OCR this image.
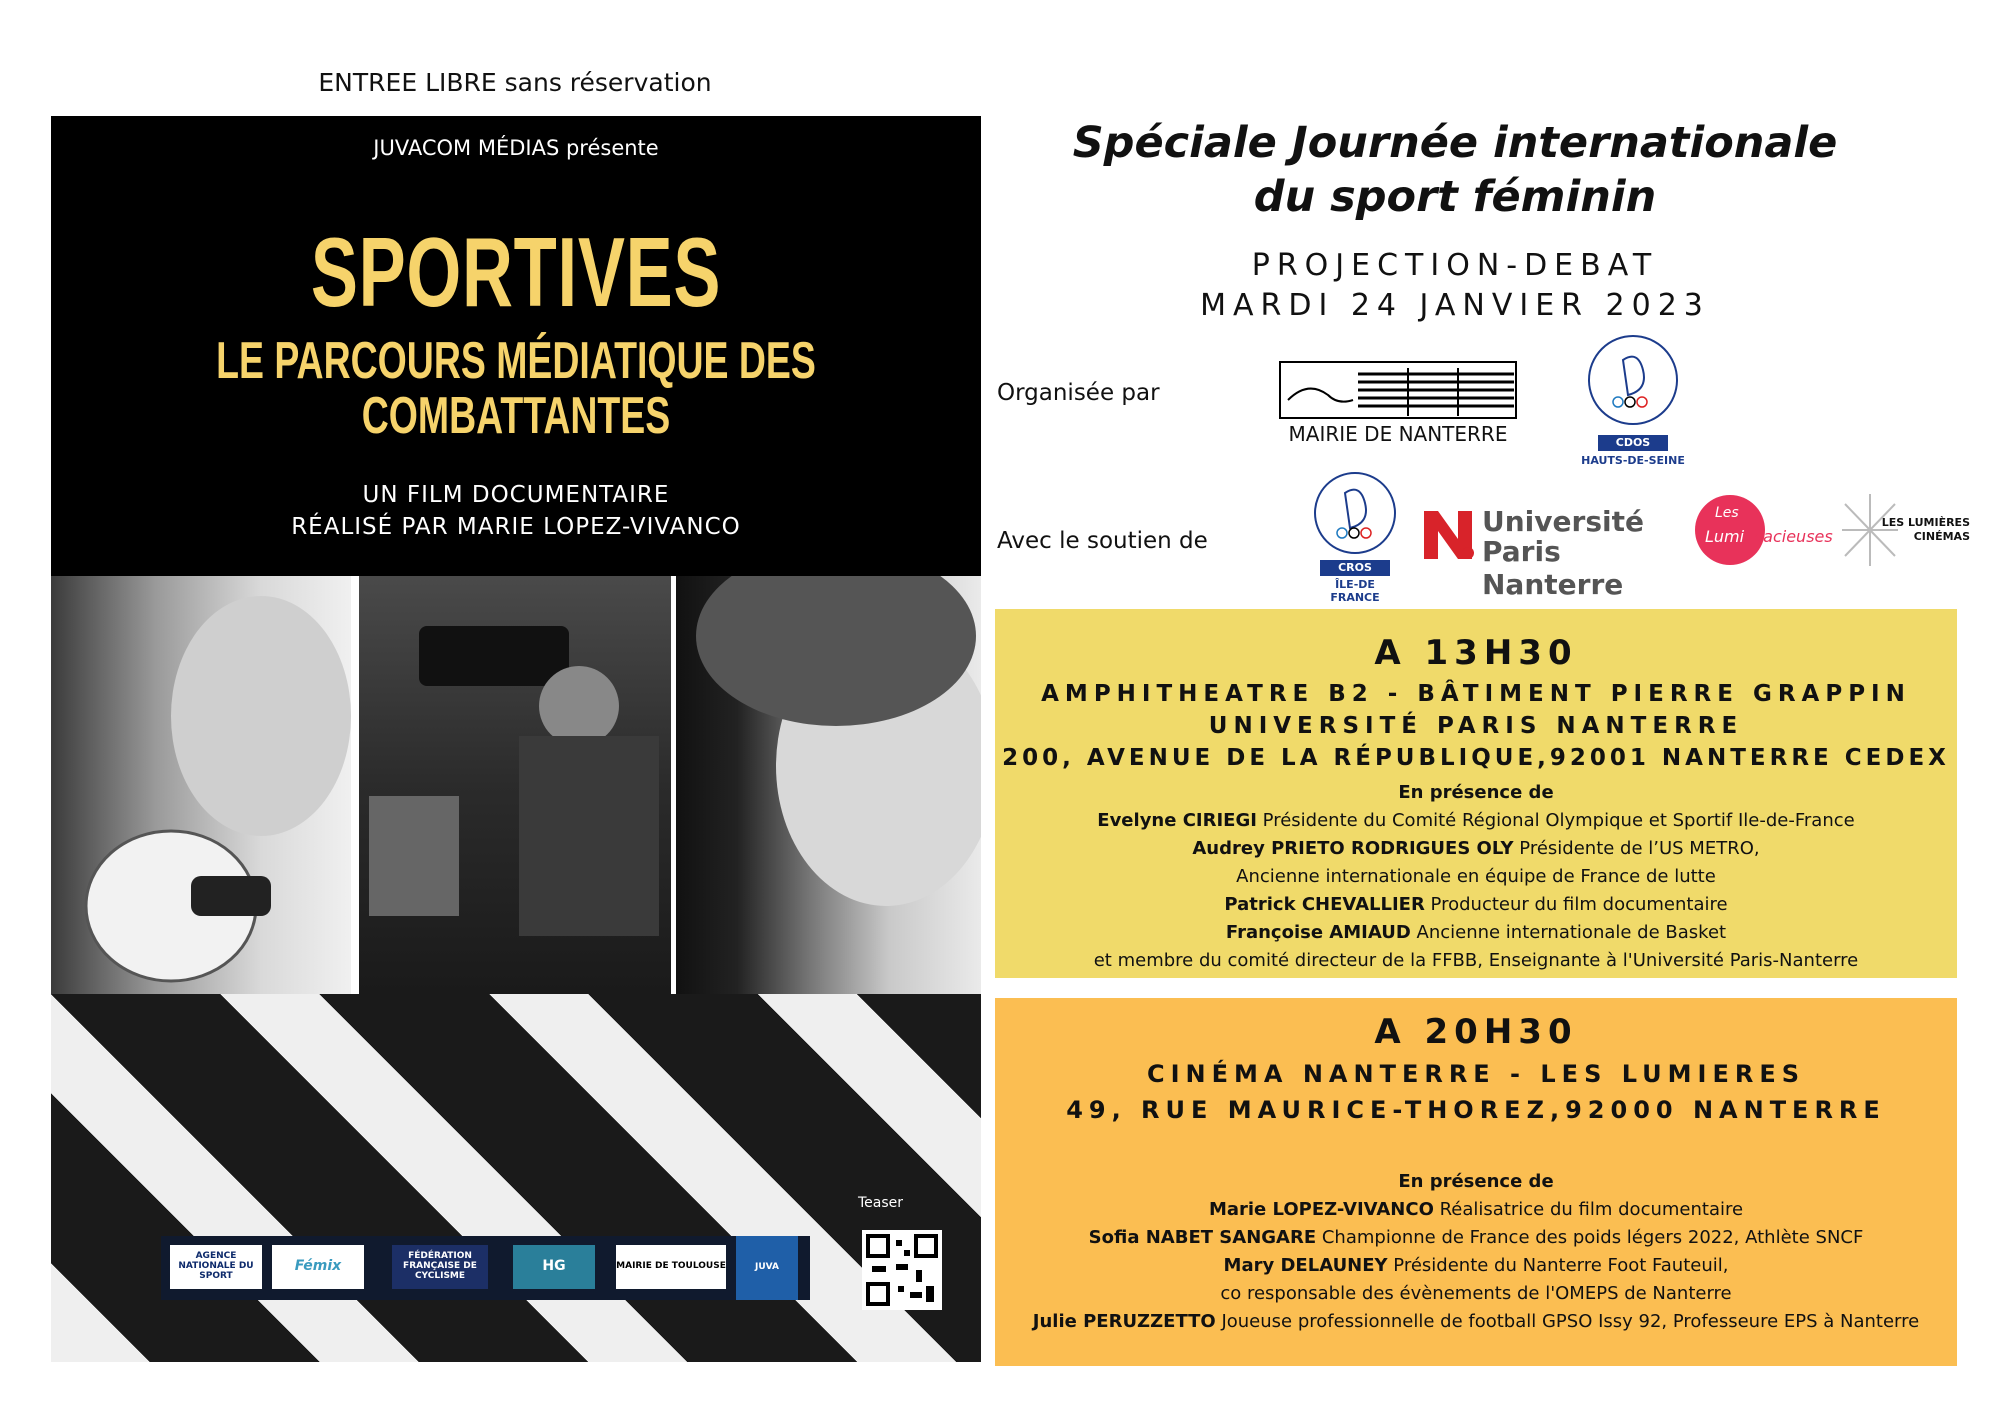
ENTREE LIBRE sans réservation
JUVACOM MÉDIAS présente
SPORTIVES
LE PARCOURS MÉDIATIQUE DES
COMBATTANTES
UN FILM DOCUMENTAIRE
RÉALISÉ PAR MARIE LOPEZ-VIVANCO
Teaser
AGENCE NATIONALE DU SPORT
Fémix
FÉDÉRATION FRANÇAISE DE CYCLISME
HG	MAIRIE DE TOULOUSE	JUVA
Spéciale Journée internationale
du sport féminin
PROJECTION-DEBAT
MARDI 24 JANVIER 2023
Organisée par
Avec le soutien de
MAIRIE DE NANTERRE	CDOS
HAUTS-DE-SEINE
CROS
ÎLE-DE FRANCE
Université
Paris Nanterre
Les
Lumi dacieuses
LES LUMIÈRES
CINÉMAS
A 13H30
AMPHITHEATRE B2 - BÂTIMENT PIERRE GRAPPIN
UNIVERSITÉ PARIS NANTERRE
200, AVENUE DE LA RÉPUBLIQUE,92001 NANTERRE CEDEX
En présence de
Evelyne CIRIEGI Présidente du Comité Régional Olympique et Sportif Ile-de-France
Audrey PRIETO RODRIGUES OLY Présidente de l’US METRO,
Ancienne internationale en équipe de France de lutte
Patrick CHEVALLIER Producteur du film documentaire
Françoise AMIAUD Ancienne internationale de Basket
et membre du comité directeur de la FFBB, Enseignante à l'Université Paris-Nanterre
A 20H30
CINÉMA NANTERRE - LES LUMIERES
49, RUE MAURICE-THOREZ,92000 NANTERRE
En présence de
Marie LOPEZ-VIVANCO Réalisatrice du film documentaire
Sofia NABET SANGARE Championne de France des poids légers 2022, Athlète SNCF
Mary DELAUNEY Présidente du Nanterre Foot Fauteuil,
co responsable des évènements de l'OMEPS de Nanterre
Julie PERUZZETTO Joueuse professionnelle de football GPSO Issy 92, Professeure EPS à Nanterre
